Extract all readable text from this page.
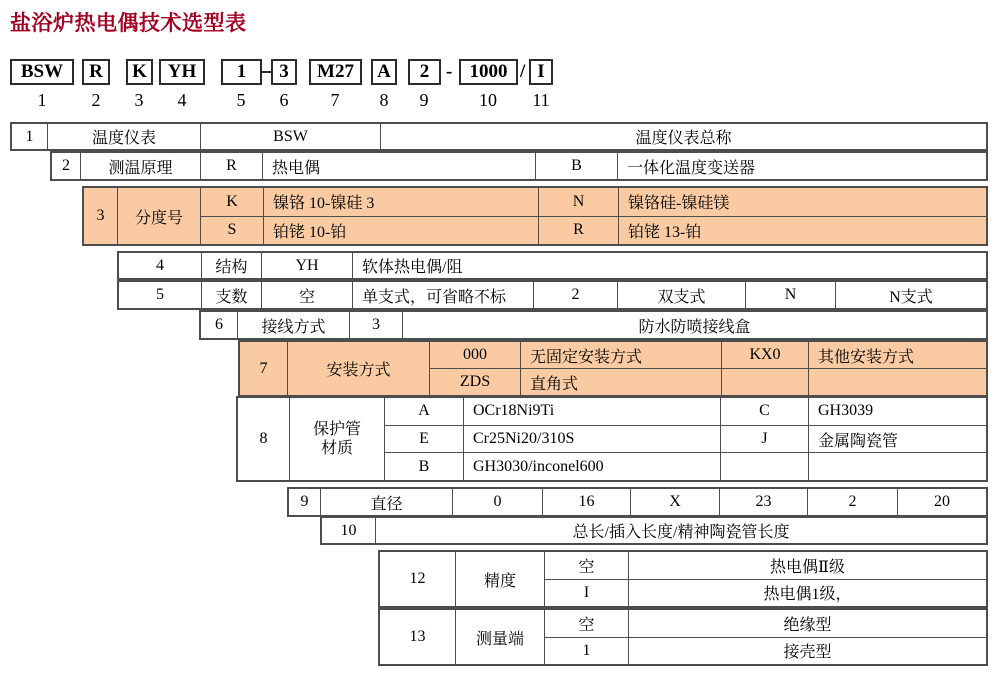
盐浴炉热电偶技术选型表
BSW	R	K	YH	1	3	M27	A	2 - 1000 / I
1	2	3	4	5	6	7	8	9	10	11
1	温度仪表	BSW	温度仪表总称
2	测温原理	R	热电偶	B	一体化温度变送器
3	分度号
K	镍铬 10-镍硅 3	N	镍铬硅-镍硅镁
S	铂铑 10-铂	R	铂铑 13-铂
4	结构	YH	软体热电偶/阻
5	支数	空	单支式，可省略不标	2	双支式	N	N支式
6	接线方式	3	防水防喷接线盒
7	安装方式
000	无固定安装方式	KX0	其他安装方式
ZDS	直角式
8
保护管材质
A	OCr18Ni9Ti	C	GH3039
E	Cr25Ni20/310S	J	金属陶瓷管
B	GH3030/inconel600
9	直径	0	16	X	23	2	20
10	总长/插入长度/精神陶瓷管长度
12	精度
空	热电偶Ⅱ级
I	热电偶1级，
13	测量端
空	绝缘型
1	接壳型
